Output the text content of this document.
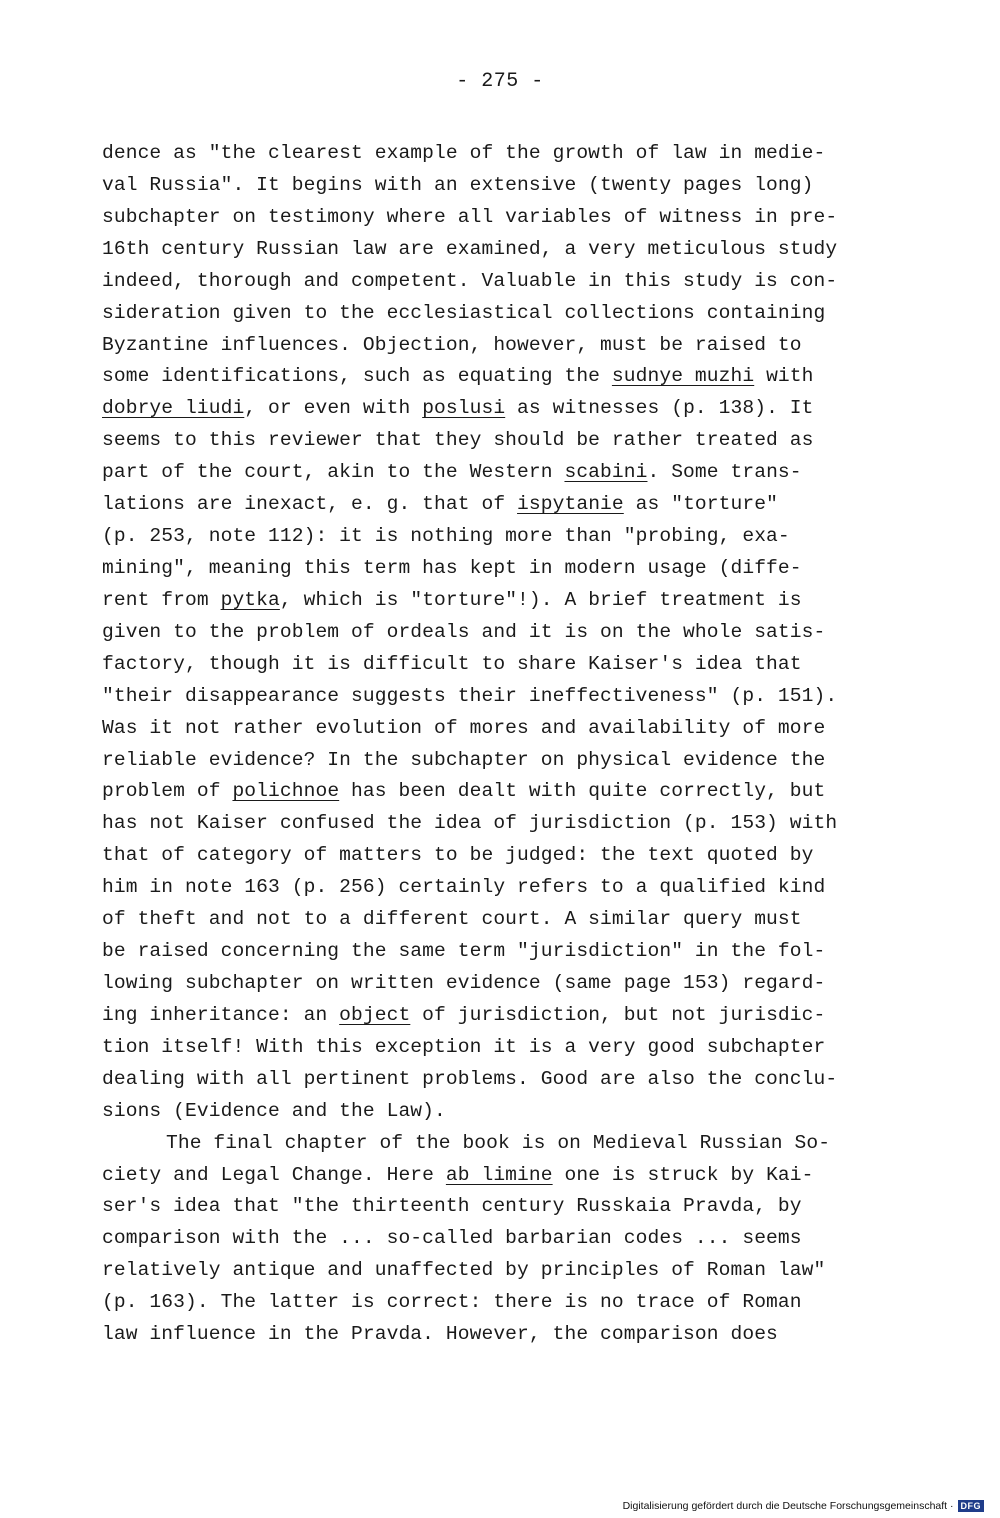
- 275 -
dence as "the clearest example of the growth of law in medie-
val Russia". It begins with an extensive (twenty pages long)
subchapter on testimony where all variables of witness in pre-
16th century Russian law are examined, a very meticulous study
indeed, thorough and competent. Valuable in this study is con-
sideration given to the ecclesiastical collections containing
Byzantine influences. Objection, however, must be raised to
some identifications, such as equating the sudnye muzhi with
dobrye liudi, or even with poslusi as witnesses (p. 138). It
seems to this reviewer that they should be rather treated as
part of the court, akin to the Western scabini. Some trans-
lations are inexact, e. g. that of ispytanie as "torture"
(p. 253, note 112): it is nothing more than "probing, exa-
mining", meaning this term has kept in modern usage (diffe-
rent from pytka, which is "torture"!). A brief treatment is
given to the problem of ordeals and it is on the whole satis-
factory, though it is difficult to share Kaiser's idea that
"their disappearance suggests their ineffectiveness" (p. 151).
Was it not rather evolution of mores and availability of more
reliable evidence? In the subchapter on physical evidence the
problem of polichnoe has been dealt with quite correctly, but
has not Kaiser confused the idea of jurisdiction (p. 153) with
that of category of matters to be judged: the text quoted by
him in note 163 (p. 256) certainly refers to a qualified kind
of theft and not to a different court. A similar query must
be raised concerning the same term "jurisdiction" in the fol-
lowing subchapter on written evidence (same page 153) regard-
ing inheritance: an object of jurisdiction, but not jurisdic-
tion itself! With this exception it is a very good subchapter
dealing with all pertinent problems. Good are also the conclu-
sions (Evidence and the Law).
The final chapter of the book is on Medieval Russian So-
ciety and Legal Change. Here ab limine one is struck by Kai-
ser's idea that "the thirteenth century Russkaia Pravda, by
comparison with the ... so-called barbarian codes ... seems
relatively antique and unaffected by principles of Roman law"
(p. 163). The latter is correct: there is no trace of Roman
law influence in the Pravda. However, the comparison does
Digitalisierung gefördert durch die Deutsche Forschungsgemeinschaft · DFG
